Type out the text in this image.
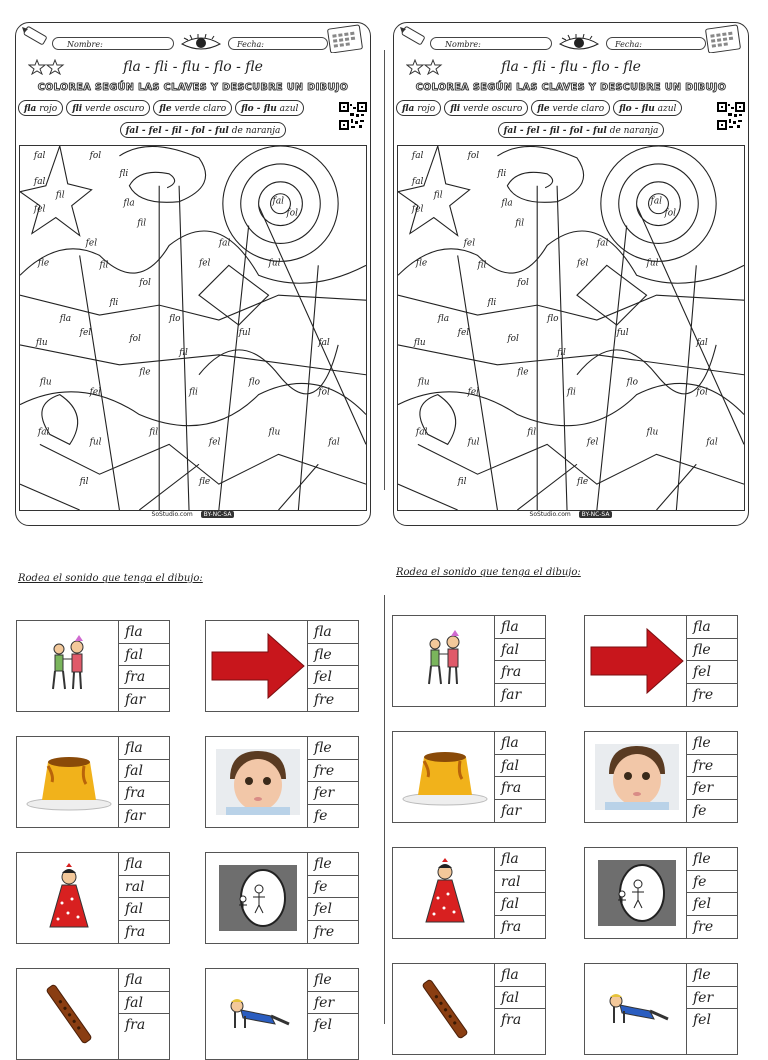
Nombre:	Fecha:
fla - fli - flu - flo - fle
COLOREA SEGÚN LAS CLAVES Y DESCUBRE UN DIBUJO
fla rojo	fli verde oscuro	fle verde claro	flo - flu azul
fal - fel - fil - fol - ful de naranja
fal	fol
fal
fil
fel
fla
fil
fli
fal
fol
fel
fle	fil
fol
fel
flo
fli
fla
fal
ful
flu
fel
fol
fil
ful
fal
flu
fel
fle
fli
flo
fol
fal
ful
fil
fel
flu
fal
fil	fle
SoStudio.com BY-NC-SA
Nombre:	Fecha:
fla - fli - flu - flo - fle
COLOREA SEGÚN LAS CLAVES Y DESCUBRE UN DIBUJO
fla rojo	fli verde oscuro	fle verde claro	flo - flu azul
fal - fel - fil - fol - ful de naranja
fal	fol
fal
fil
fel
fla
fil
fli
fal
fol
fel
fle	fil
fol
fel
flo
fli
fla
fal
ful
flu
fel
fol
fil
ful
fal
flu
fel
fle
fli
flo
fol
fal
ful
fil
fel
flu
fal
fil	fle
SoStudio.com BY-NC-SA
Rodea el sonido que tenga el dibujo:
Rodea el sonido que tenga el dibujo:
fla
fal
fra
far
fla
fal
fra
far
fla
fle
fel
fre
fla
fle
fel
fre
fla
fal
fra
far
fla
fal
fra
far
fle
fre
fer
fe
fle
fre
fer
fe
fla
ral
fal
fra
fla
ral
fal
fra
fle
fe
fel
fre
fle
fe
fel
fre
fla
fal
fra
fla
fal
fra
fle
fer
fel
fle
fer
fel
